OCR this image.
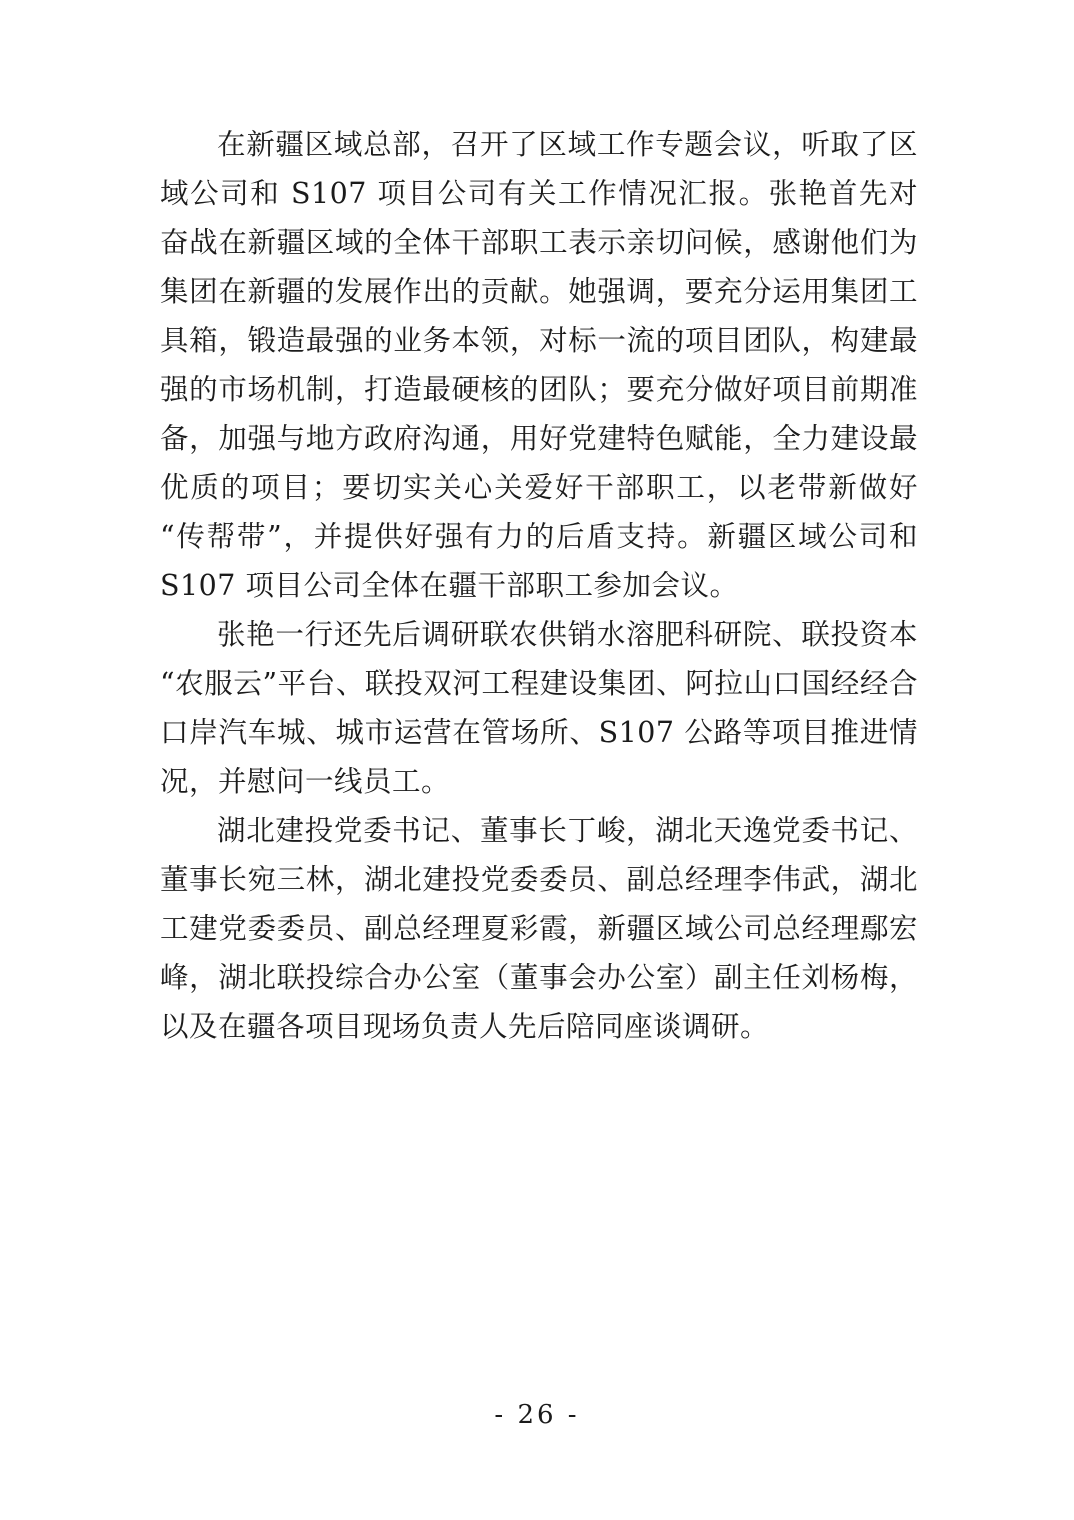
在新疆区域总部，召开了区域工作专题会议，听取了区域公司和 S107 项目公司有关工作情况汇报。张艳首先对奋战在新疆区域的全体干部职工表示亲切问候，感谢他们为集团在新疆的发展作出的贡献。她强调，要充分运用集团工具箱，锻造最强的业务本领，对标一流的项目团队，构建最强的市场机制，打造最硬核的团队；要充分做好项目前期准备，加强与地方政府沟通，用好党建特色赋能，全力建设最优质的项目；要切实关心关爱好干部职工，以老带新做好“传帮带”，并提供好强有力的后盾支持。新疆区域公司和 S107 项目公司全体在疆干部职工参加会议。

张艳一行还先后调研联农供销水溶肥科研院、联投资本“农服云”平台、联投双河工程建设集团、阿拉山口国经经合口岸汽车城、城市运营在管场所、S107 公路等项目推进情况，并慰问一线员工。

湖北建投党委书记、董事长丁峻，湖北天逸党委书记、董事长宛三林，湖北建投党委委员、副总经理李伟武，湖北工建党委委员、副总经理夏彩霞，新疆区域公司总经理鄢宏峰，湖北联投综合办公室（董事会办公室）副主任刘杨梅，以及在疆各项目现场负责人先后陪同座谈调研。

- 26 -
